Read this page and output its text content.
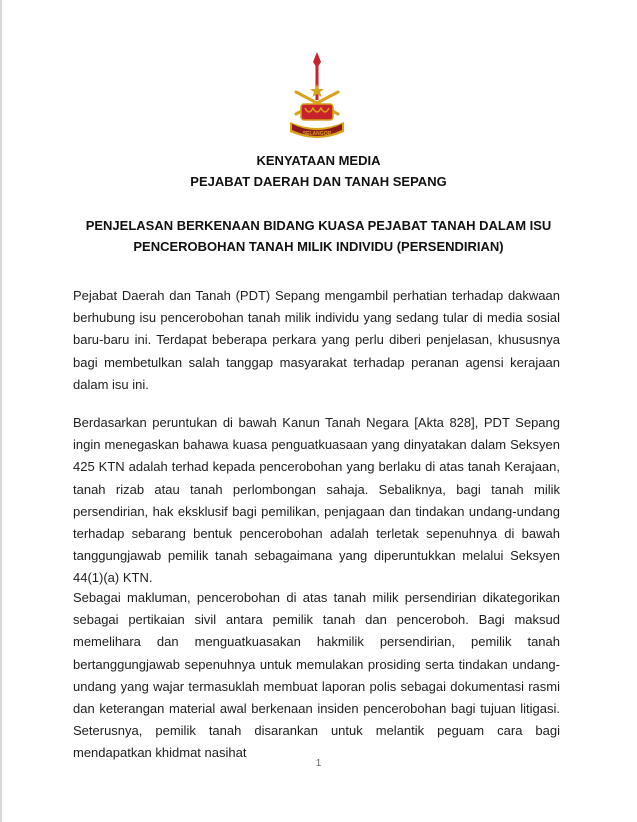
SELANGOR
KENYATAAN MEDIA
PEJABAT DAERAH DAN TANAH SEPANG
PENJELASAN BERKENAAN BIDANG KUASA PEJABAT TANAH DALAM ISU
PENCEROBOHAN TANAH MILIK INDIVIDU (PERSENDIRIAN)

Pejabat Daerah dan Tanah (PDT) Sepang mengambil perhatian terhadap dakwaan berhubung isu pencerobohan tanah milik individu yang sedang tular di media sosial baru-baru ini. Terdapat beberapa perkara yang perlu diberi penjelasan, khususnya bagi membetulkan salah tanggap masyarakat terhadap peranan agensi kerajaan dalam isu ini.

Berdasarkan peruntukan di bawah Kanun Tanah Negara [Akta 828], PDT Sepang ingin menegaskan bahawa kuasa penguatkuasaan yang dinyatakan dalam Seksyen 425 KTN adalah terhad kepada pencerobohan yang berlaku di atas tanah Kerajaan, tanah rizab atau tanah perlombongan sahaja. Sebaliknya, bagi tanah milik persendirian, hak eksklusif bagi pemilikan, penjagaan dan tindakan undang-undang terhadap sebarang bentuk pencerobohan adalah terletak sepenuhnya di bawah tanggungjawab pemilik tanah sebagaimana yang diperuntukkan melalui Seksyen 44(1)(a) KTN.

Sebagai makluman, pencerobohan di atas tanah milik persendirian dikategorikan sebagai pertikaian sivil antara pemilik tanah dan penceroboh. Bagi maksud memelihara dan menguatkuasakan hakmilik persendirian, pemilik tanah bertanggungjawab sepenuhnya untuk memulakan prosiding serta tindakan undang-undang yang wajar termasuklah membuat laporan polis sebagai dokumentasi rasmi dan keterangan material awal berkenaan insiden pencerobohan bagi tujuan litigasi. Seterusnya, pemilik tanah disarankan untuk melantik peguam cara bagi mendapatkan khidmat nasihat

1
